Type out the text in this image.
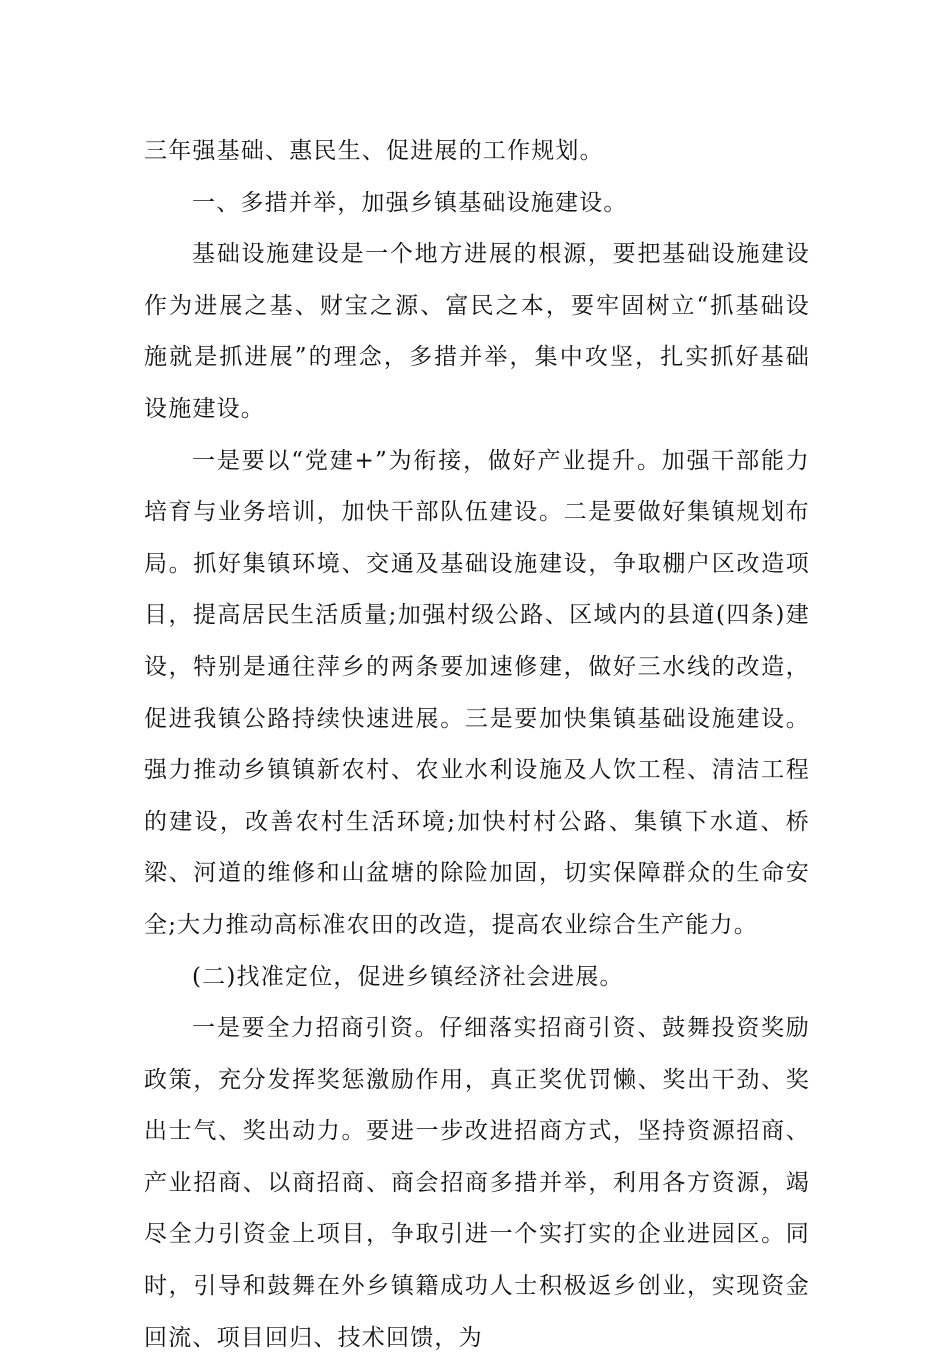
三年强基础、惠民生、促进展的工作规划。

一、多措并举，加强乡镇基础设施建设。

基础设施建设是一个地方进展的根源，要把基础设施建设作为进展之基、财宝之源、富民之本，要牢固树立“抓基础设施就是抓进展”的理念，多措并举，集中攻坚，扎实抓好基础设施建设。

一是要以“党建+”为衔接，做好产业提升。加强干部能力培育与业务培训，加快干部队伍建设。二是要做好集镇规划布局。抓好集镇环境、交通及基础设施建设，争取棚户区改造项目，提高居民生活质量;加强村级公路、区域内的县道(四条)建设，特别是通往萍乡的两条要加速修建，做好三水线的改造，促进我镇公路持续快速进展。三是要加快集镇基础设施建设。强力推动乡镇镇新农村、农业水利设施及人饮工程、清洁工程的建设，改善农村生活环境;加快村村公路、集镇下水道、桥梁、河道的维修和山盆塘的除险加固，切实保障群众的生命安全;大力推动高标准农田的改造，提高农业综合生产能力。

(二)找准定位，促进乡镇经济社会进展。

一是要全力招商引资。仔细落实招商引资、鼓舞投资奖励政策，充分发挥奖惩激励作用，真正奖优罚懒、奖出干劲、奖出士气、奖出动力。要进一步改进招商方式，坚持资源招商、产业招商、以商招商、商会招商多措并举，利用各方资源，竭尽全力引资金上项目，争取引进一个实打实的企业进园区。同时，引导和鼓舞在外乡镇籍成功人士积极返乡创业，实现资金回流、项目回归、技术回馈，为
